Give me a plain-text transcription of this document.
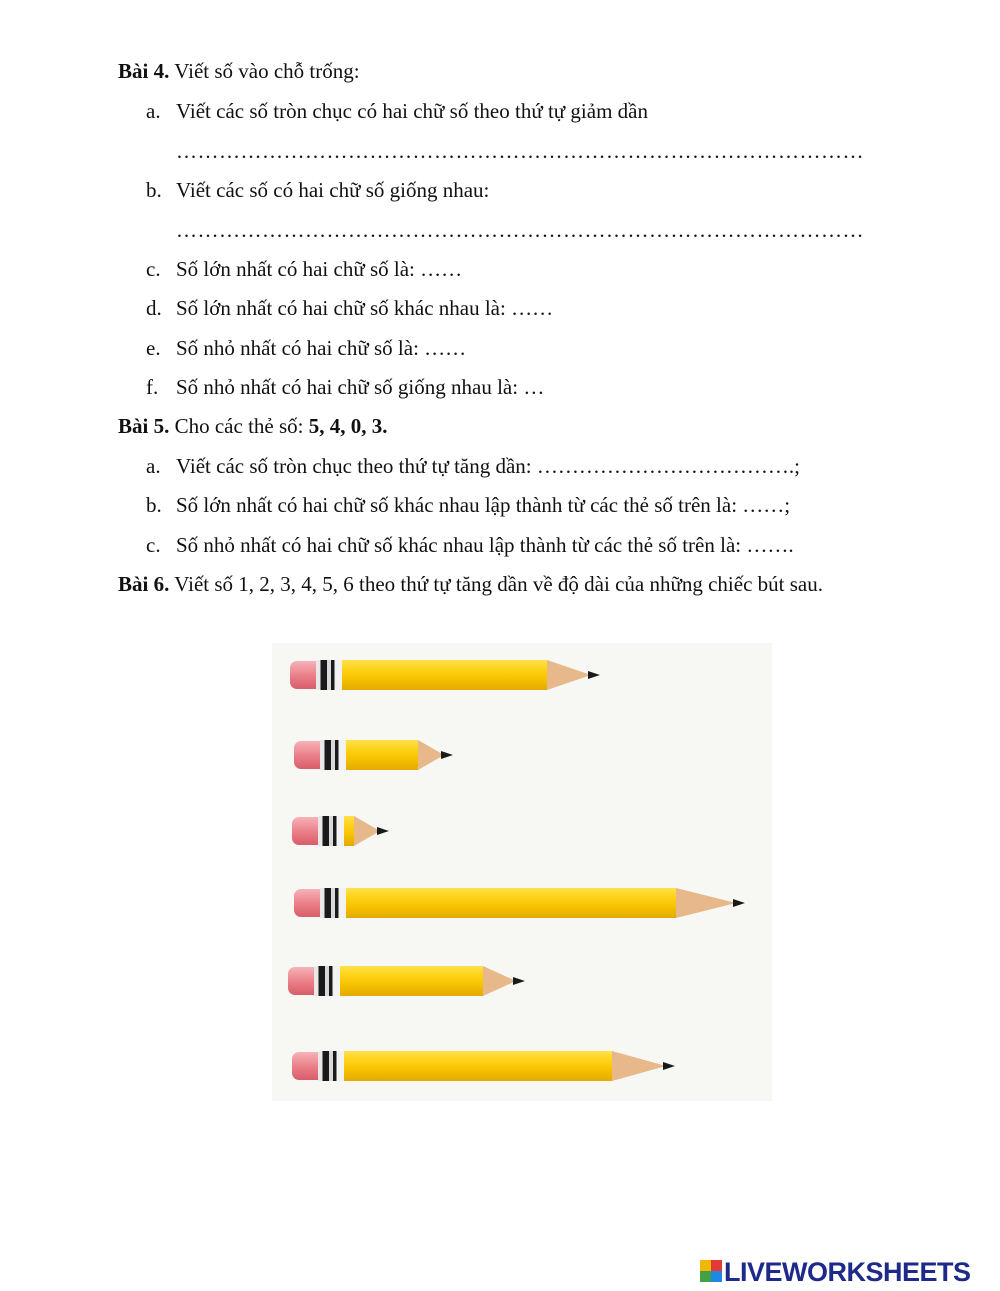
Bài 4. Viết số vào chỗ trống:
a. Viết các số tròn chục có hai chữ số theo thứ tự giảm dần
……………………………………………………………………………………
b. Viết các số có hai chữ số giống nhau:
……………………………………………………………………………………
c. Số lớn nhất có hai chữ số là: ……
d. Số lớn nhất có hai chữ số khác nhau là: ……
e. Số nhỏ nhất có hai chữ số là: ……
f. Số nhỏ nhất có hai chữ số giống nhau là: …
Bài 5. Cho các thẻ số: 5, 4, 0, 3.
a. Viết các số tròn chục theo thứ tự tăng dần: ……………………………….;
b. Số lớn nhất có hai chữ số khác nhau lập thành từ các thẻ số trên là: ……;
c. Số nhỏ nhất có hai chữ số khác nhau lập thành từ các thẻ số trên là: …….
Bài 6. Viết số 1, 2, 3, 4, 5, 6 theo thứ tự tăng dần về độ dài của những chiếc bút sau.
LIVEWORKSHEETS
